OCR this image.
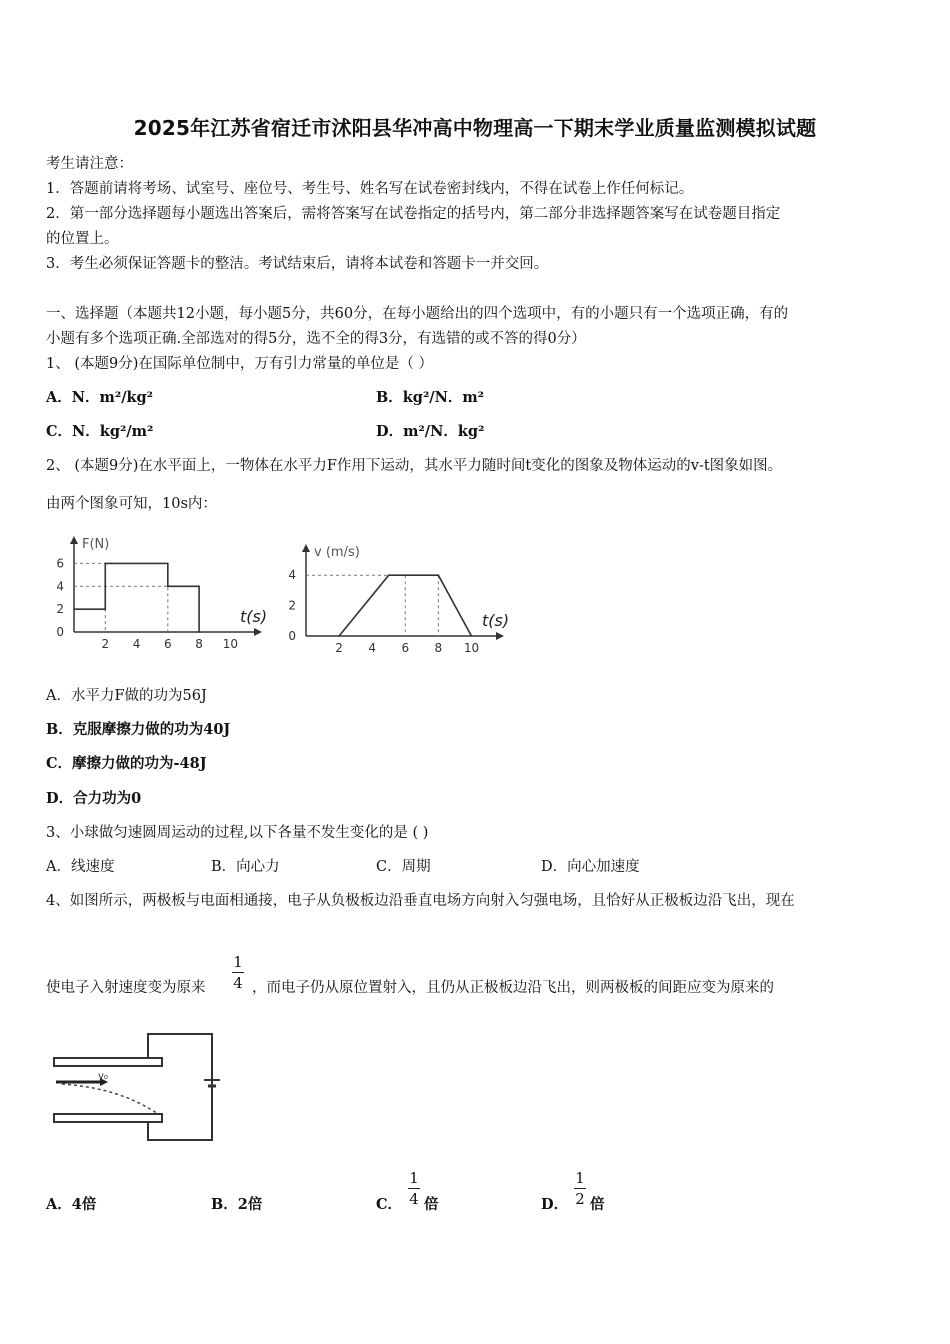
2025年江苏省宿迁市沭阳县华冲高中物理高一下期末学业质量监测模拟试题
考生请注意：
1．答题前请将考场、试室号、座位号、考生号、姓名写在试卷密封线内，不得在试卷上作任何标记。
2．第一部分选择题每小题选出答案后，需将答案写在试卷指定的括号内，第二部分非选择题答案写在试卷题目指定
的位置上。
3．考生必须保证答题卡的整洁。考试结束后，请将本试卷和答题卡一并交回。
一、选择题（本题共12小题，每小题5分，共60分，在每小题给出的四个选项中，有的小题只有一个选项正确，有的
小题有多个选项正确.全部选对的得5分，选不全的得3分，有选错的或不答的得0分）
1、 (本题9分)在国际单位制中，万有引力常量的单位是（ ）
A．N．m²/kg²	B．kg²/N．m²
C．N．kg²/m²	D．m²/N．kg²
2、 (本题9分)在水平面上，一物体在水平力F作用下运动，其水平力随时间t变化的图象及物体运动的v-t图象如图。
由两个图象可知，10s内：
t(s)
F(N)
2 4 6 8 10
0
2
4
6
t(s)
v (m/s)
2 4 6 8 10
0
2
4
A．水平力F做的功为56J
B．克服摩擦力做的功为40J
C．摩擦力做的功为-48J
D．合力功为0
3、小球做匀速圆周运动的过程,以下各量不发生变化的是 ( )
A．线速度	B．向心力	C．周期	D．向心加速度
4、如图所示，两极板与电面相通接，电子从负极板边沿垂直电场方向射入匀强电场，且恰好从正极板边沿飞出，现在
使电子入射速度变为原来
1
4 ，而电子仍从原位置射入，且仍从正极板边沿飞出，则两极板的间距应变为原来的
v₀
A．4倍	B．2倍	C．
1
4 倍	D．
1
2 倍
